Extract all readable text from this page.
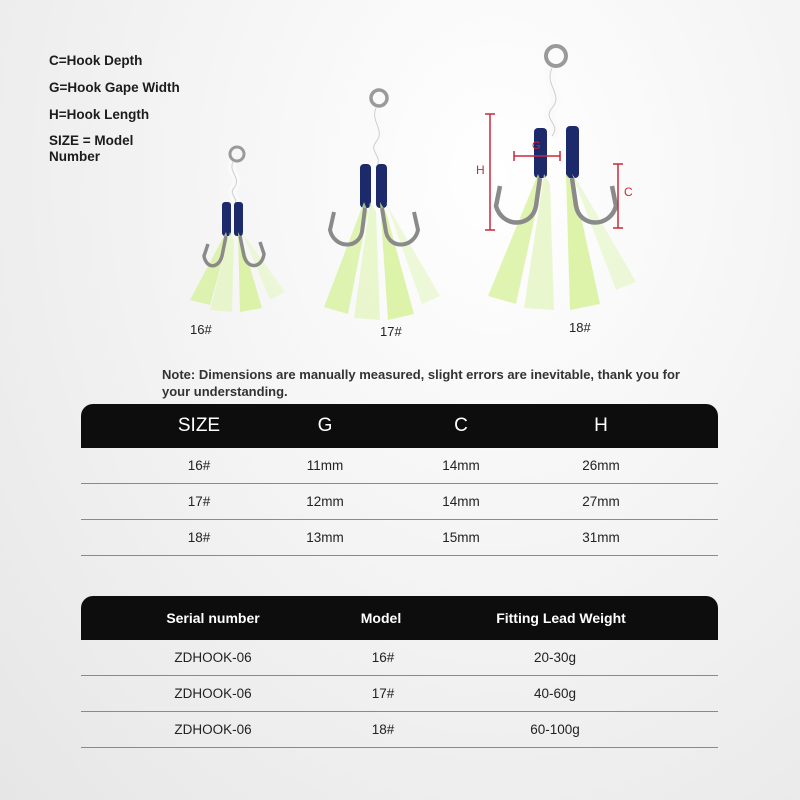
C=Hook Depth
G=Hook Gape Width
H=Hook Length
SIZE = Model Number
16#	17#
H
G
C
18#
Note: Dimensions are manually measured, slight errors are inevitable, thank you for your understanding.
SIZE	G	C	H
16#	11mm	14mm	26mm
17#	12mm	14mm	27mm
18#	13mm	15mm	31mm
Serial number	Model	Fitting Lead Weight
ZDHOOK-06	16#	20-30g
ZDHOOK-06	17#	40-60g
ZDHOOK-06	18#	60-100g
